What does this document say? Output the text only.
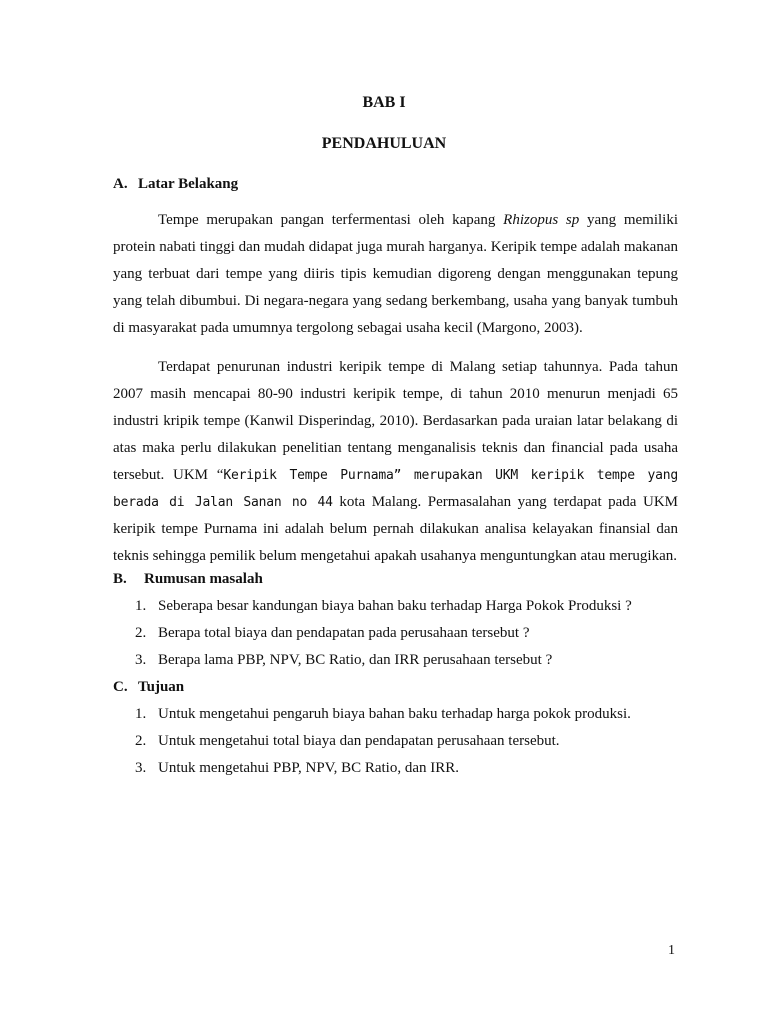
BAB I
PENDAHULUAN
A. Latar Belakang

Tempe merupakan pangan terfermentasi oleh kapang Rhizopus sp yang memiliki protein nabati tinggi dan mudah didapat juga murah harganya. Keripik tempe adalah makanan yang terbuat dari tempe yang diiris tipis kemudian digoreng dengan menggunakan tepung yang telah dibumbui. Di negara-negara yang sedang berkembang, usaha yang banyak tumbuh di masyarakat pada umumnya tergolong sebagai usaha kecil (Margono, 2003).

Terdapat penurunan industri keripik tempe di Malang setiap tahunnya. Pada tahun 2007 masih mencapai 80-90 industri keripik tempe, di tahun 2010 menurun menjadi 65 industri kripik tempe (Kanwil Disperindag, 2010). Berdasarkan pada uraian latar belakang di atas maka perlu dilakukan penelitian tentang menganalisis teknis dan financial pada usaha tersebut. UKM “Keripik Tempe Purnama” merupakan UKM keripik tempe yang berada di Jalan Sanan no 44 kota Malang. Permasalahan yang terdapat pada UKM keripik tempe Purnama ini adalah belum pernah dilakukan analisa kelayakan finansial dan teknis sehingga pemilik belum mengetahui apakah usahanya menguntungkan atau merugikan.

B. Rumusan masalah
1. Seberapa besar kandungan biaya bahan baku terhadap Harga Pokok Produksi ?
2. Berapa total biaya dan pendapatan pada perusahaan tersebut ?
3. Berapa lama PBP, NPV, BC Ratio, dan IRR perusahaan tersebut ?
C. Tujuan
1. Untuk mengetahui pengaruh biaya bahan baku terhadap harga pokok produksi.
2. Untuk mengetahui total biaya dan pendapatan perusahaan tersebut.
3. Untuk mengetahui PBP, NPV, BC Ratio, dan IRR.
1
